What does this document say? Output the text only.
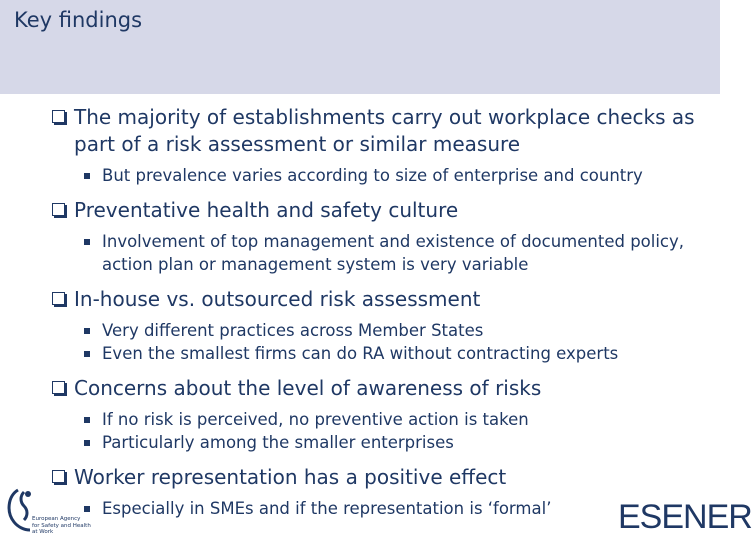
Key findings
The majority of establishments carry out workplace checks as part of a risk assessment or similar measure
But prevalence varies according to size of enterprise and country
Preventative health and safety culture
Involvement of top management and existence of documented policy, action plan or management system is very variable
In-house vs. outsourced risk assessment
Very different practices across Member States
Even the smallest firms can do RA without contracting experts
Concerns about the level of awareness of risks
If no risk is perceived, no preventive action is taken
Particularly among the smaller enterprises
Worker representation has a positive effect
Especially in SMEs and if the representation is ‘formal’
European Agency
for Safety and Health
at Work	ESENER
